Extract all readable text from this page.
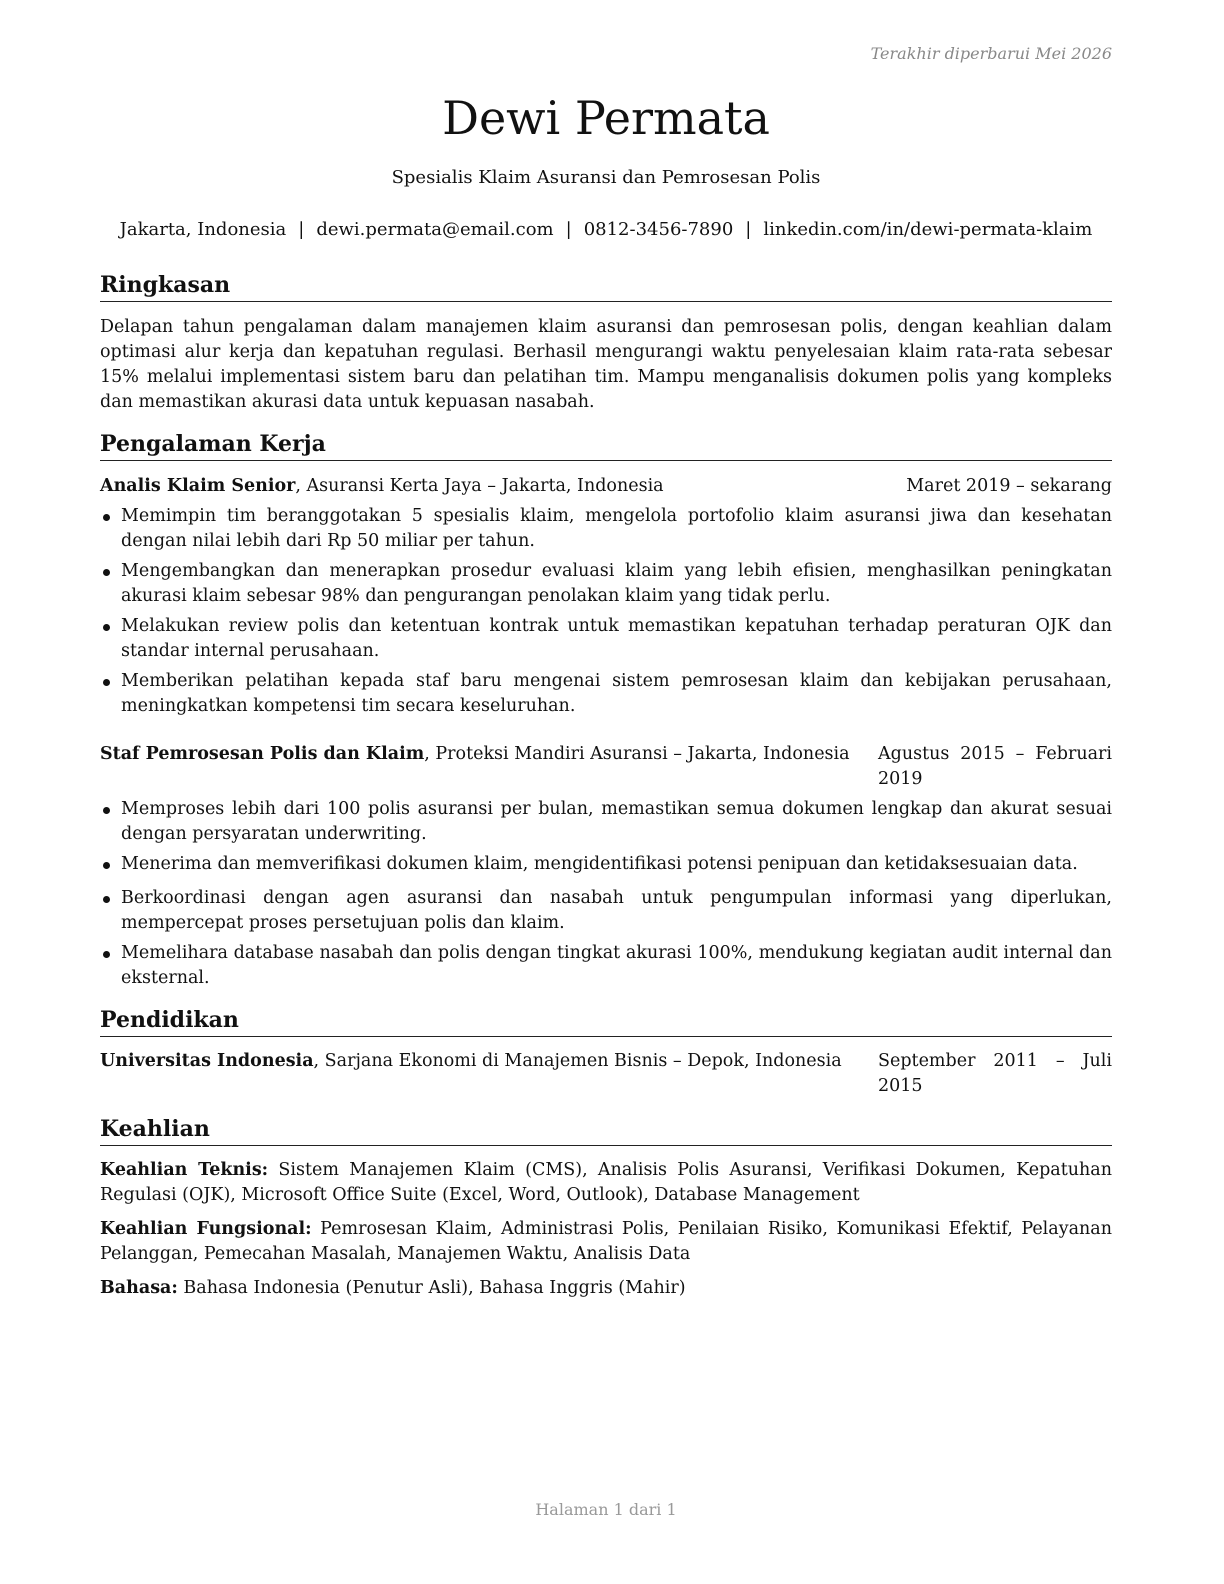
Terakhir diperbarui Mei 2026
Dewi Permata
Spesialis Klaim Asuransi dan Pemrosesan Polis
Jakarta, Indonesia | dewi.permata@email.com | 0812-3456-7890 | linkedin.com/in/dewi-permata-klaim
Ringkasan
Delapan tahun pengalaman dalam manajemen klaim asuransi dan pemrosesan polis, dengan keahlian dalam optimasi alur kerja dan kepatuhan regulasi. Berhasil mengurangi waktu penyelesaian klaim rata-rata sebesar 15% melalui implementasi sistem baru dan pelatihan tim. Mampu menganalisis dokumen polis yang kompleks dan memastikan akurasi data untuk kepuasan nasabah.
Pengalaman Kerja
Analis Klaim Senior, Asuransi Kerta Jaya – Jakarta, Indonesia	Maret 2019 – sekarang
Memimpin tim beranggotakan 5 spesialis klaim, mengelola portofolio klaim asuransi jiwa dan kesehatan dengan nilai lebih dari Rp 50 miliar per tahun.
Mengembangkan dan menerapkan prosedur evaluasi klaim yang lebih efisien, menghasilkan peningkatan akurasi klaim sebesar 98% dan pengurangan penolakan klaim yang tidak perlu.
Melakukan review polis dan ketentuan kontrak untuk memastikan kepatuhan terhadap peraturan OJK dan standar internal perusahaan.
Memberikan pelatihan kepada staf baru mengenai sistem pemrosesan klaim dan kebijakan perusahaan, meningkatkan kompetensi tim secara keseluruhan.
Staf Pemrosesan Polis dan Klaim, Proteksi Mandiri Asuransi – Jakarta, Indonesia Agustus 2015 – Februari 2019
Memproses lebih dari 100 polis asuransi per bulan, memastikan semua dokumen lengkap dan akurat sesuai dengan persyaratan underwriting.
Menerima dan memverifikasi dokumen klaim, mengidentifikasi potensi penipuan dan ketidaksesuaian data.
Berkoordinasi dengan agen asuransi dan nasabah untuk pengumpulan informasi yang diperlukan, mempercepat proses persetujuan polis dan klaim.
Memelihara database nasabah dan polis dengan tingkat akurasi 100%, mendukung kegiatan audit internal dan eksternal.
Pendidikan
Universitas Indonesia, Sarjana Ekonomi di Manajemen Bisnis – Depok, Indonesia September 2011 – Juli 2015
Keahlian
Keahlian Teknis: Sistem Manajemen Klaim (CMS), Analisis Polis Asuransi, Verifikasi Dokumen, Kepatuhan Regulasi (OJK), Microsoft Office Suite (Excel, Word, Outlook), Database Management
Keahlian Fungsional: Pemrosesan Klaim, Administrasi Polis, Penilaian Risiko, Komunikasi Efektif, Pelayanan Pelanggan, Pemecahan Masalah, Manajemen Waktu, Analisis Data
Bahasa: Bahasa Indonesia (Penutur Asli), Bahasa Inggris (Mahir)
Halaman 1 dari 1
